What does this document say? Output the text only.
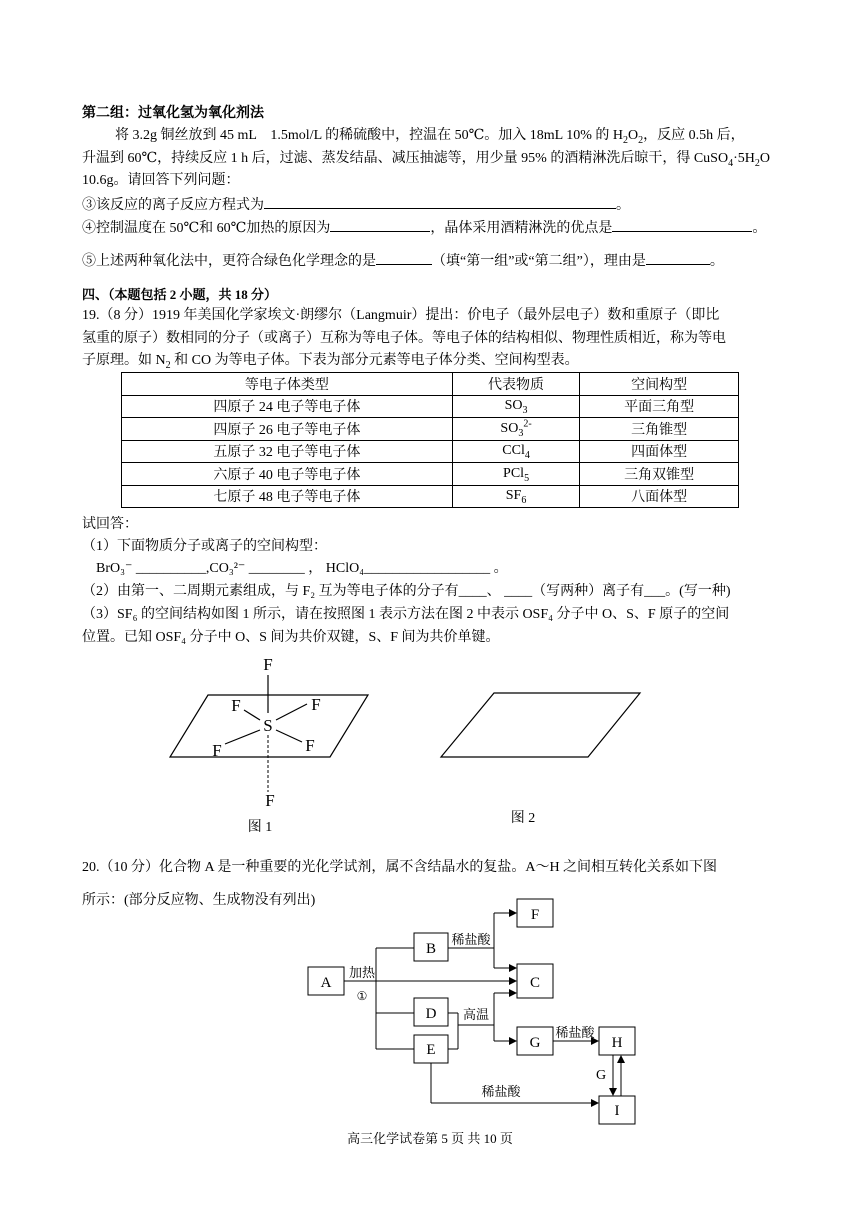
第二组：过氧化氢为氧化剂法
将 3.2g 铜丝放到 45 mL　1.5mol/L 的稀硫酸中，控温在 50℃。加入 18mL 10% 的 $H_2O_2$，反应 0.5h 后，
升温到 60℃，持续反应 1 h 后，过滤、蒸发结晶、减压抽滤等，用少量 95% 的酒精淋洗后晾干，得 $CuSO_4\cdot 5H_2O$
10.6g。请回答下列问题：
③该反应的离子反应方程式为	。
④控制温度在 50℃和 60℃加热的原因为	，晶体采用酒精淋洗的优点是	。
⑤上述两种氧化法中，更符合绿色化学理念的是	（填“第一组”或“第二组”），理由是	。
四、（本题包括 2 小题，共 18 分）
19.（8 分）1919 年美国化学家埃文·朗缪尔（Langmuir）提出：价电子（最外层电子）数和重原子（即比
氢重的原子）数相同的分子（或离子）互称为等电子体。等电子体的结构相似、物理性质相近，称为等电
子原理。如 $N_2$ 和 CO 为等电子体。下表为部分元素等电子体分类、空间构型表。
等电子体类型	代表物质	空间构型
四原子 24 电子等电子体	$SO_3$	平面三角型
四原子 26 电子等电子体	$SO_3^{2-}$	三角锥型
五原子 32 电子等电子体	CCl$_4$	四面体型
六原子 40 电子等电子体	PCl$_5$	三角双锥型
七原子 48 电子等电子体	$SF_6$	八面体型
试回答：
（1）下面物质分子或离子的空间构型：
BrO₃⁻ __________,CO₃²⁻ ________ ， HClO₄__________________ 。
（2）由第一、二周期元素组成，与 F₂ 互为等电子体的分子有____、 ____（写两种）离子有___。(写一种)
（3）SF₆ 的空间结构如图 1 所示，请在按照图 1 表示方法在图 2 中表示 OSF₄ 分子中 O、S、F 原子的空间
位置。已知 OSF₄ 分子中 O、S 间为共价双键，S、F 间为共价单键。
F
F	F
S
F	F
F
图 1
图 2
A
B
C
D
E
F
G	H
I
加热
①
稀盐酸
高温
稀盐酸
稀盐酸
G
20.（10 分）化合物 A 是一种重要的光化学试剂，属不含结晶水的复盐。A～H 之间相互转化关系如下图
所示：(部分反应物、生成物没有列出)
高三化学试卷第 5 页 共 10 页
